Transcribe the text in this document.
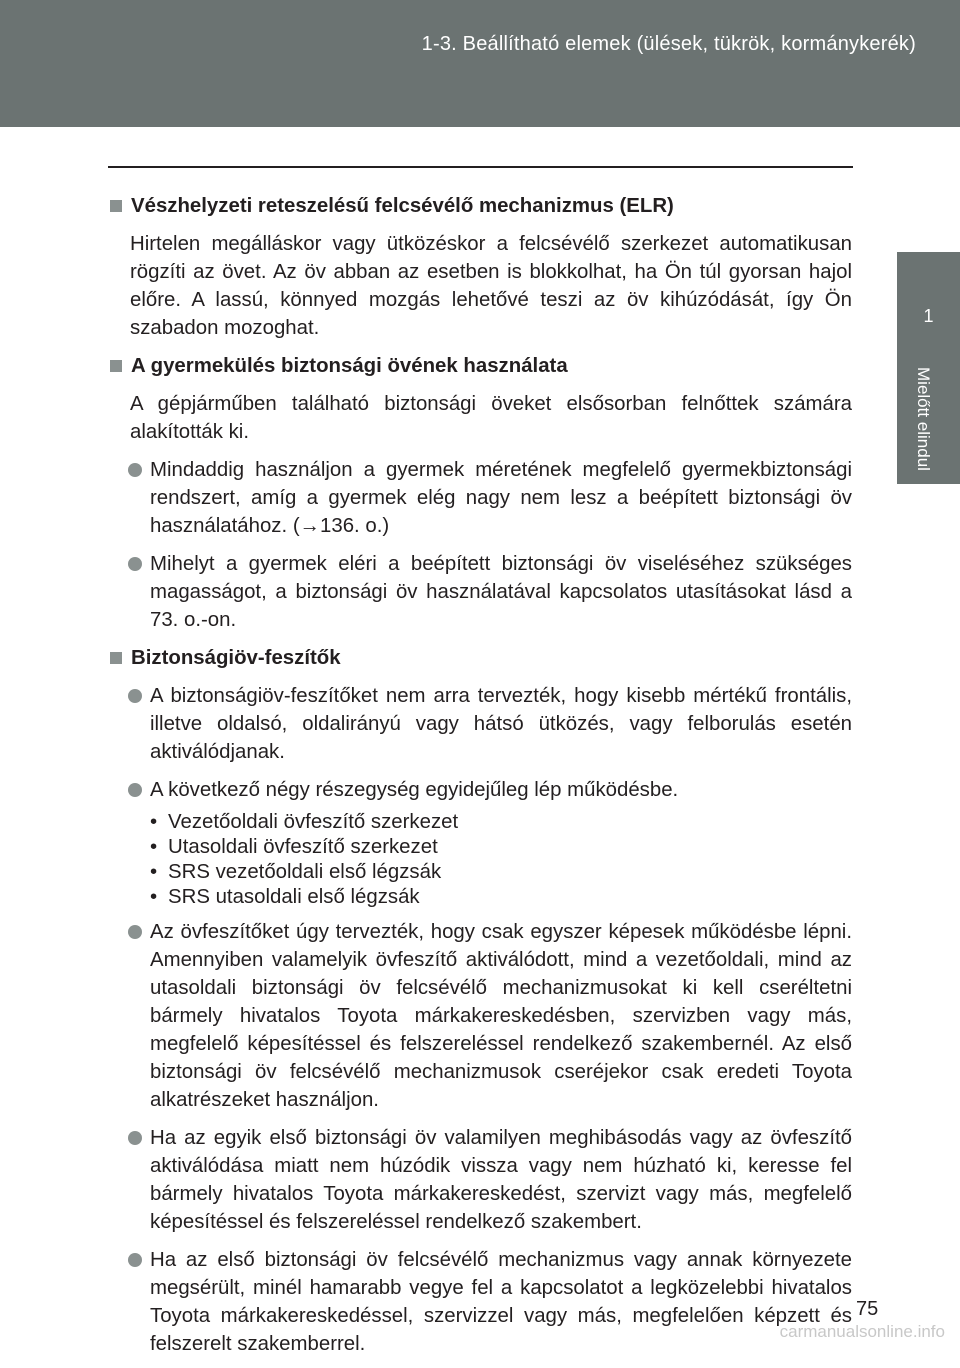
1-3. Beállítható elemek (ülések, tükrök, kormánykerék)
1
Mielőtt elindul
Vészhelyzeti reteszelésű felcsévélő mechanizmus (ELR)

Hirtelen megálláskor vagy ütközéskor a felcsévélő szerkezet automatikusan rögzíti az övet. Az öv abban az esetben is blokkolhat, ha Ön túl gyorsan hajol előre. A lassú, könnyed mozgás lehetővé teszi az öv kihúzódását, így Ön szabadon mozoghat.

A gyermekülés biztonsági övének használata

A gépjárműben található biztonsági öveket elsősorban felnőttek számára alakították ki.

Mindaddig használjon a gyermek méretének megfelelő gyermekbiztonsági rendszert, amíg a gyermek elég nagy nem lesz a beépített biztonsági öv használatához. (→136. o.)
Mihelyt a gyermek eléri a beépített biztonsági öv viseléséhez szükséges magasságot, a biztonsági öv használatával kapcsolatos utasításokat lásd a 73. o.-on.
Biztonságiöv-feszítők
A biztonságiöv-feszítőket nem arra tervezték, hogy kisebb mértékű frontális, illetve oldalsó, oldalirányú vagy hátsó ütközés, vagy felborulás esetén aktiválódjanak.
A következő négy részegység egyidejűleg lép működésbe.
• Vezetőoldali övfeszítő szerkezet
• Utasoldali övfeszítő szerkezet
• SRS vezetőoldali első légzsák
• SRS utasoldali első légzsák
Az övfeszítőket úgy tervezték, hogy csak egyszer képesek működésbe lépni. Amennyiben valamelyik övfeszítő aktiválódott, mind a vezetőoldali, mind az utasoldali biztonsági öv felcsévélő mechanizmusokat ki kell cseréltetni bármely hivatalos Toyota márkakereskedésben, szervizben vagy más, megfelelő képesítéssel és felszereléssel rendelkező szakembernél. Az első biztonsági öv felcsévélő mechanizmusok cseréjekor csak eredeti Toyota alkatrészeket használjon.
Ha az egyik első biztonsági öv valamilyen meghibásodás vagy az övfeszítő aktiválódása miatt nem húzódik vissza vagy nem húzható ki, keresse fel bármely hivatalos Toyota márkakereskedést, szervizt vagy más, megfelelő képesítéssel és felszereléssel rendelkező szakembert.
Ha az első biztonsági öv felcsévélő mechanizmus vagy annak környezete megsérült, minél hamarabb vegye fel a kapcsolatot a legközelebbi hivatalos Toyota márkakereskedéssel, szervizzel vagy más, megfelelően képzett és felszerelt szakemberrel.
75
carmanualsonline.info
